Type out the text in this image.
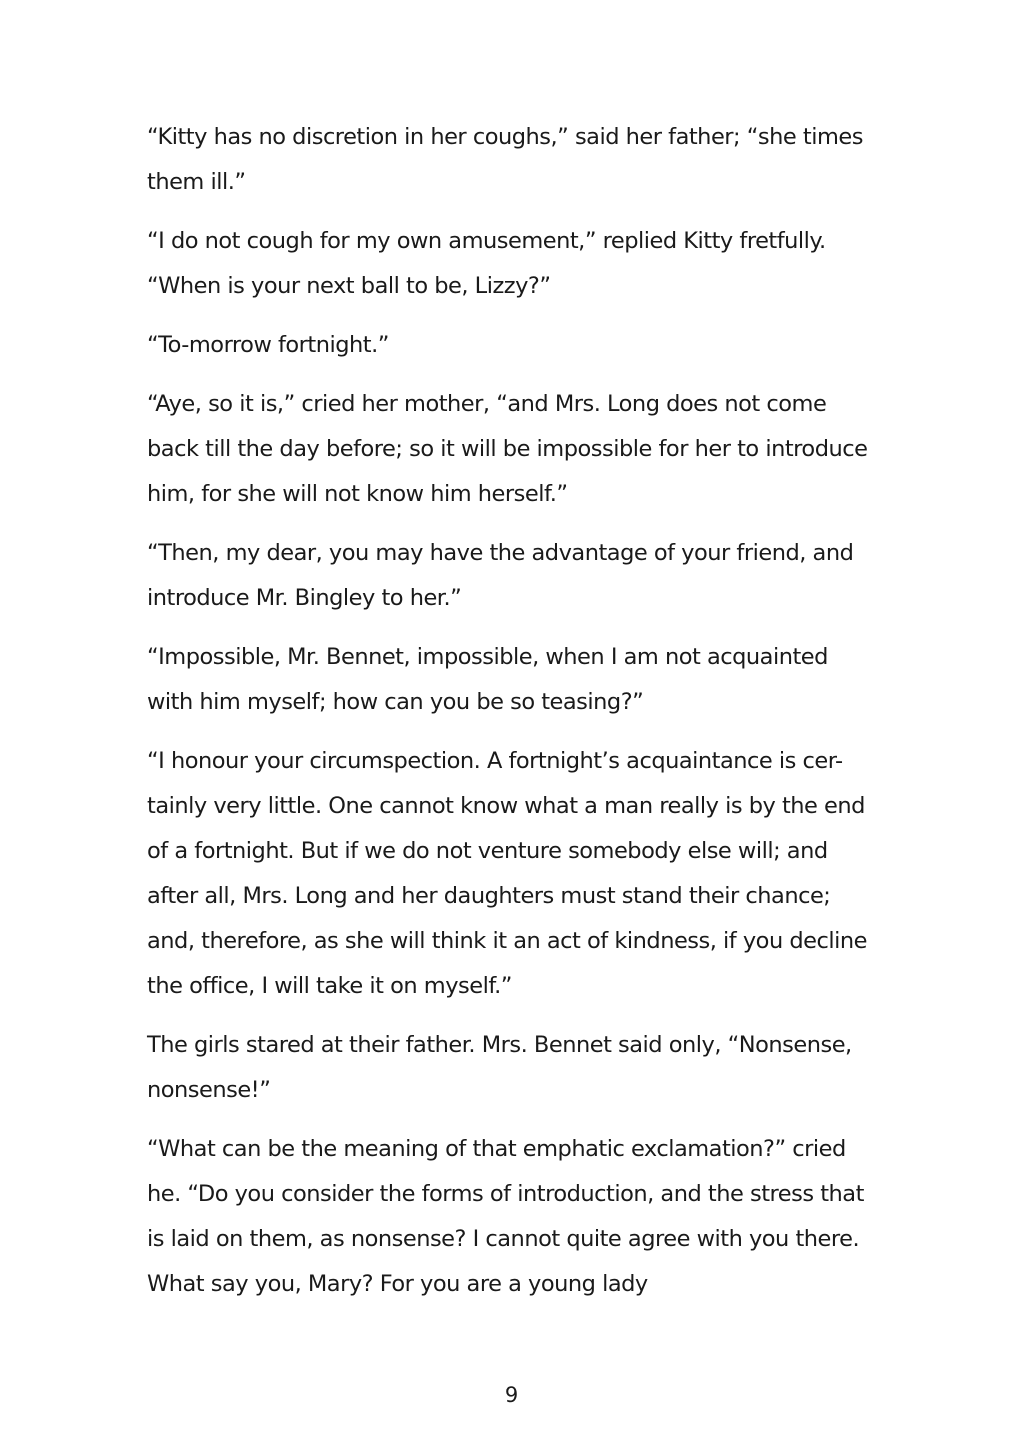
“Kitty has no discretion in her coughs,” said her father; “she times them ill.”

“I do not cough for my own amusement,” replied Kitty fretfully. “When is your next ball to be, Lizzy?”

“To-morrow fortnight.”

“Aye, so it is,” cried her mother, “and Mrs. Long does not come back till the day before; so it will be impossible for her to introduce him, for she will not know him herself.”

“Then, my dear, you may have the advantage of your friend, and introduce Mr. Bingley to her.”

“Impossible, Mr. Bennet, impossible, when I am not acquainted with him myself; how can you be so teasing?”

“I honour your circumspection. A fortnight’s acquaintance is cer- tainly very little. One cannot know what a man really is by the end of a fortnight. But if we do not venture somebody else will; and after all, Mrs. Long and her daughters must stand their chance; and, therefore, as she will think it an act of kindness, if you decline the office, I will take it on myself.”

The girls stared at their father. Mrs. Bennet said only, “Nonsense, nonsense!”

“What can be the meaning of that emphatic exclamation?” cried he. “Do you consider the forms of introduction, and the stress that is laid on them, as nonsense? I cannot quite agree with you there. What say you, Mary? For you are a young lady

9
